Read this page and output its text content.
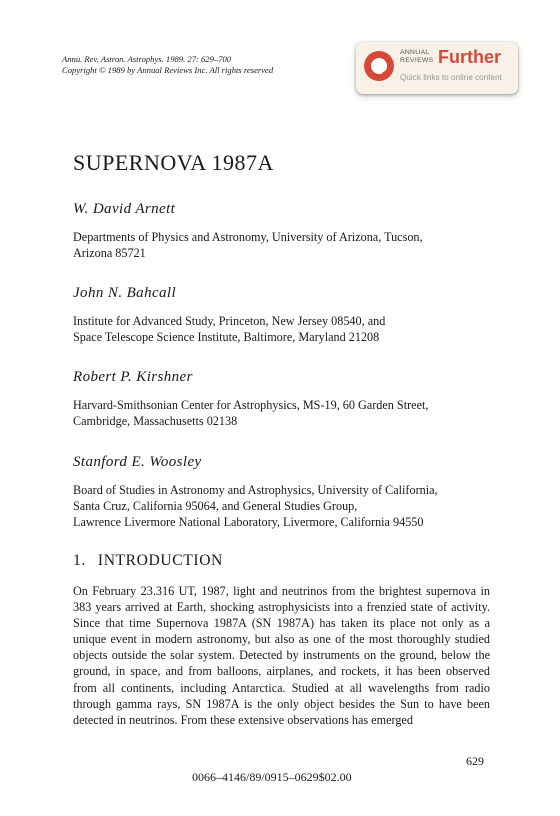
Annu. Rev. Astron. Astrophys. 1989. 27: 629–700
Copyright © 1989 by Annual Reviews Inc. All rights reserved
ANNUAL
REVIEWS Further
Quick links to online content
SUPERNOVA 1987A
W. David Arnett
Departments of Physics and Astronomy, University of Arizona, Tucson,
Arizona 85721
John N. Bahcall
Institute for Advanced Study, Princeton, New Jersey 08540, and
Space Telescope Science Institute, Baltimore, Maryland 21208
Robert P. Kirshner
Harvard-Smithsonian Center for Astrophysics, MS-19, 60 Garden Street,
Cambridge, Massachusetts 02138
Stanford E. Woosley
Board of Studies in Astronomy and Astrophysics, University of California,
Santa Cruz, California 95064, and General Studies Group,
Lawrence Livermore National Laboratory, Livermore, California 94550
1. INTRODUCTION
On February 23.316 UT, 1987, light and neutrinos from the brightest supernova in 383 years arrived at Earth, shocking astrophysicists into a frenzied state of activity. Since that time Supernova 1987A (SN 1987A) has taken its place not only as a unique event in modern astronomy, but also as one of the most thoroughly studied objects outside the solar system. Detected by instruments on the ground, below the ground, in space, and from balloons, airplanes, and rockets, it has been observed from all continents, including Antarctica. Studied at all wavelengths from radio through gamma rays, SN 1987A is the only object besides the Sun to have been detected in neutrinos. From these extensive observations has emerged
629
0066–4146/89/0915–0629$02.00
